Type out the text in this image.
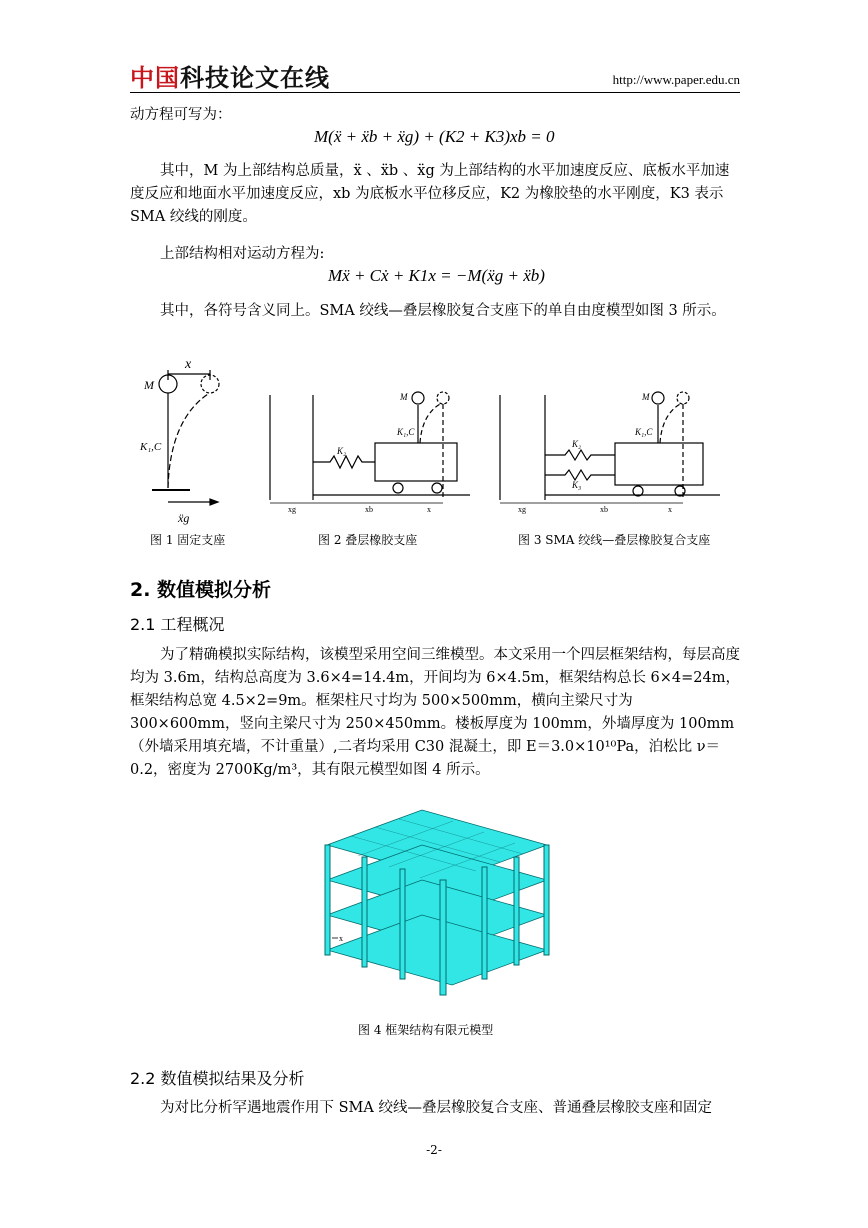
中国科技论文在线	http://www.paper.edu.cn
动方程可写为：
M(ẍ + ẍb + ẍg) + (K2 + K3)xb = 0
其中，M 为上部结构总质量，ẍ 、ẍb 、ẍg 为上部结构的水平加速度反应、底板水平加速度反应和地面水平加速度反应，xb 为底板水平位移反应，K2 为橡胶垫的水平刚度，K3 表示 SMA 绞线的刚度。
上部结构相对运动方程为:
Mẍ + Cẋ + K1x = −M(ẍg + ẍb)
其中，各符号含义同上。SMA 绞线—叠层橡胶复合支座下的单自由度模型如图 3 所示。
x
M
K₁,C
ẍg
M
K₁,C
K₂
xg	xb	x
M
K₁,C
K₂
K₃
xg	xb	x
图 1 固定支座	图 2 叠层橡胶支座	图 3 SMA 绞线—叠层橡胶复合支座
2. 数值模拟分析
2.1 工程概况
为了精确模拟实际结构，该模型采用空间三维模型。本文采用一个四层框架结构，每层高度均为 3.6m，结构总高度为 3.6×4=14.4m，开间均为 6×4.5m，框架结构总长 6×4=24m，框架结构总宽 4.5×2=9m。框架柱尺寸均为 500×500mm，横向主梁尺寸为 300×600mm，竖向主梁尺寸为 250×450mm。楼板厚度为 100mm，外墙厚度为 100mm（外墙采用填充墙，不计重量）,二者均采用 C30 混凝土，即 E＝3.0×10¹⁰Pa，泊松比 ν＝0.2，密度为 2700Kg/m³，其有限元模型如图 4 所示。
x
图 4 框架结构有限元模型
2.2 数值模拟结果及分析
为对比分析罕遇地震作用下 SMA 绞线—叠层橡胶复合支座、普通叠层橡胶支座和固定
-2-
